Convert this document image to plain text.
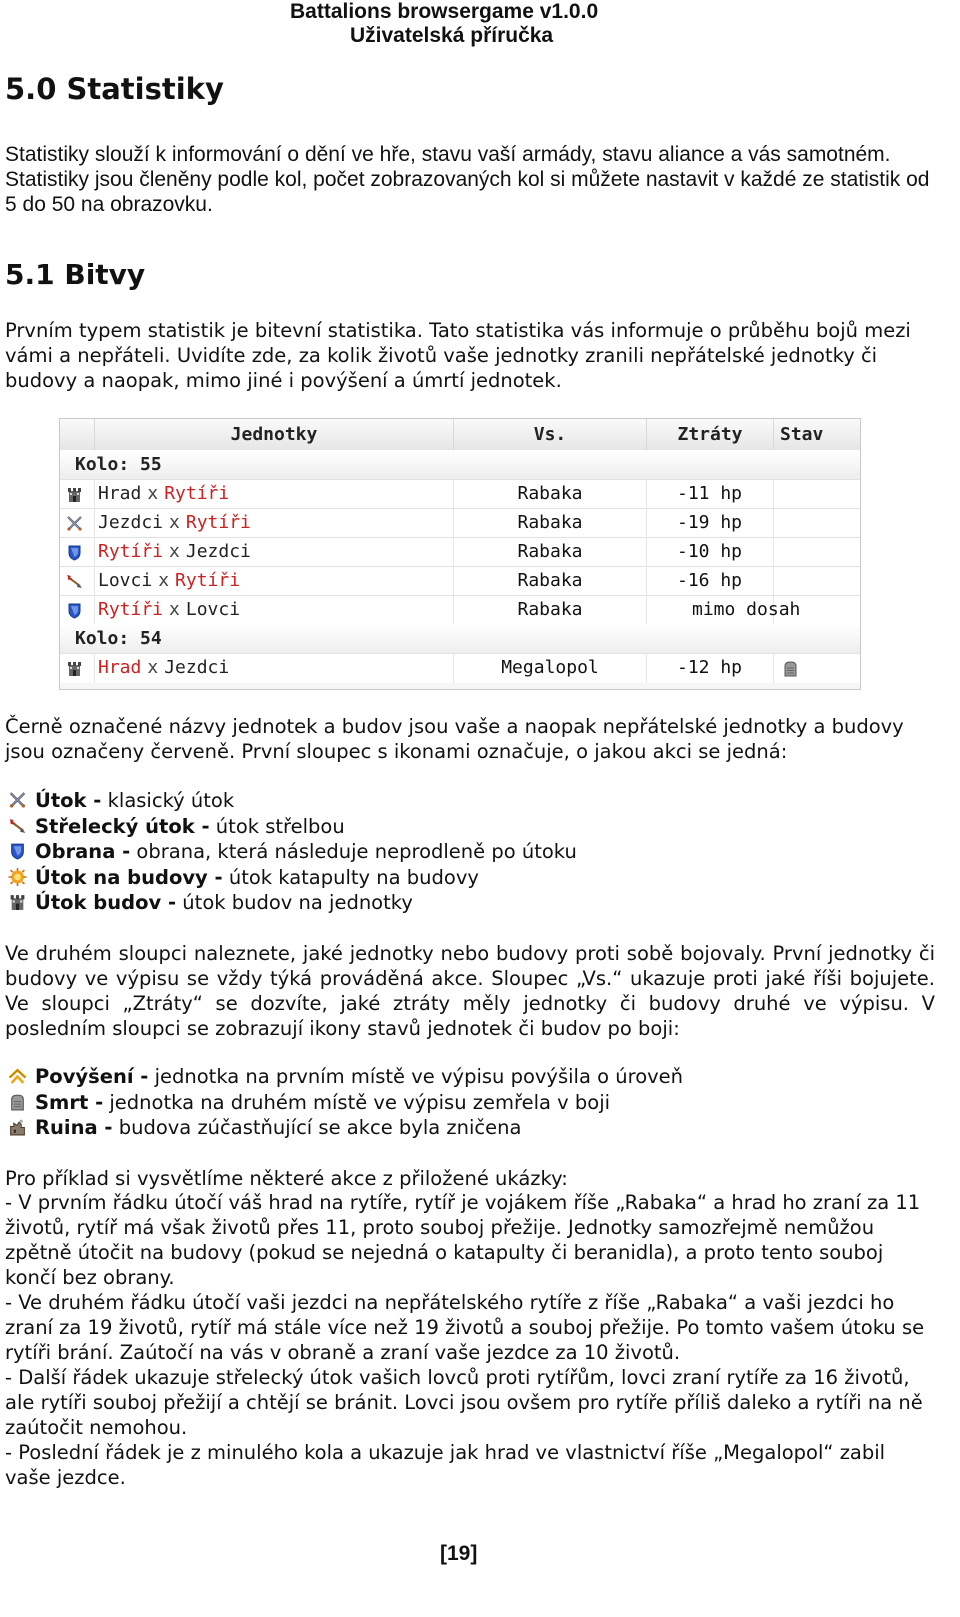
Battalions browsergame v1.0.0
Uživatelská příručka
5.0 Statistiky

Statistiky slouží k informování o dění ve hře, stavu vaší armády, stavu aliance a vás samotném. Statistiky jsou členěny podle kol, počet zobrazovaných kol si můžete nastavit v každé ze statistik od 5 do 50 na obrazovku.

5.1 Bitvy

Prvním typem statistik je bitevní statistika. Tato statistika vás informuje o průběhu bojů mezi vámi a nepřáteli. Uvidíte zde, za kolik životů vaše jednotky zranili nepřátelské jednotky či budovy a naopak, mimo jiné i povýšení a úmrtí jednotek.

Jednotky	Vs.	Ztráty	Stav
Kolo: 55
Hrad x Rytíři	Rabaka	-11 hp
Jezdci x Rytíři	Rabaka	-19 hp
Rytíři x Jezdci	Rabaka	-10 hp
Lovci x Rytíři	Rabaka	-16 hp
Rytíři x Lovci	Rabaka	mimo dosah
Kolo: 54
Hrad x Jezdci	Megalopol	-12 hp

Černě označené názvy jednotek a budov jsou vaše a naopak nepřátelské jednotky a budovy jsou označeny červeně. První sloupec s ikonami označuje, o jakou akci se jedná:

Útok - klasický útok
Střelecký útok - útok střelbou
Obrana - obrana, která následuje neprodleně po útoku
Útok na budovy - útok katapulty na budovy
Útok budov - útok budov na jednotky

Ve druhém sloupci naleznete, jaké jednotky nebo budovy proti sobě bojovaly. První jednotky či budovy ve výpisu se vždy týká prováděná akce. Sloupec „Vs.“ ukazuje proti jaké říši bojujete. Ve sloupci „Ztráty“ se dozvíte, jaké ztráty měly jednotky či budovy druhé ve výpisu. V posledním sloupci se zobrazují ikony stavů jednotek či budov po boji:

Povýšení - jednotka na prvním místě ve výpisu povýšila o úroveň
Smrt - jednotka na druhém místě ve výpisu zemřela v boji
Ruina - budova zúčastňující se akce byla zničena

Pro příklad si vysvětlíme některé akce z přiložené ukázky:

- V prvním řádku útočí váš hrad na rytíře, rytíř je vojákem říše „Rabaka“ a hrad ho zraní za 11 životů, rytíř má však životů přes 11, proto souboj přežije. Jednotky samozřejmě nemůžou zpětně útočit na budovy (pokud se nejedná o katapulty či beranidla), a proto tento souboj končí bez obrany.
- Ve druhém řádku útočí vaši jezdci na nepřátelského rytíře z říše „Rabaka“ a vaši jezdci ho zraní za 19 životů, rytíř má stále více než 19 životů a souboj přežije. Po tomto vašem útoku se rytíři brání. Zaútočí na vás v obraně a zraní vaše jezdce za 10 životů.
- Další řádek ukazuje střelecký útok vašich lovců proti rytířům, lovci zraní rytíře za 16 životů, ale rytíři souboj přežijí a chtějí se bránit. Lovci jsou ovšem pro rytíře příliš daleko a rytíři na ně zaútočit nemohou.
- Poslední řádek je z minulého kola a ukazuje jak hrad ve vlastnictví říše „Megalopol“ zabil vaše jezdce.
[19]
